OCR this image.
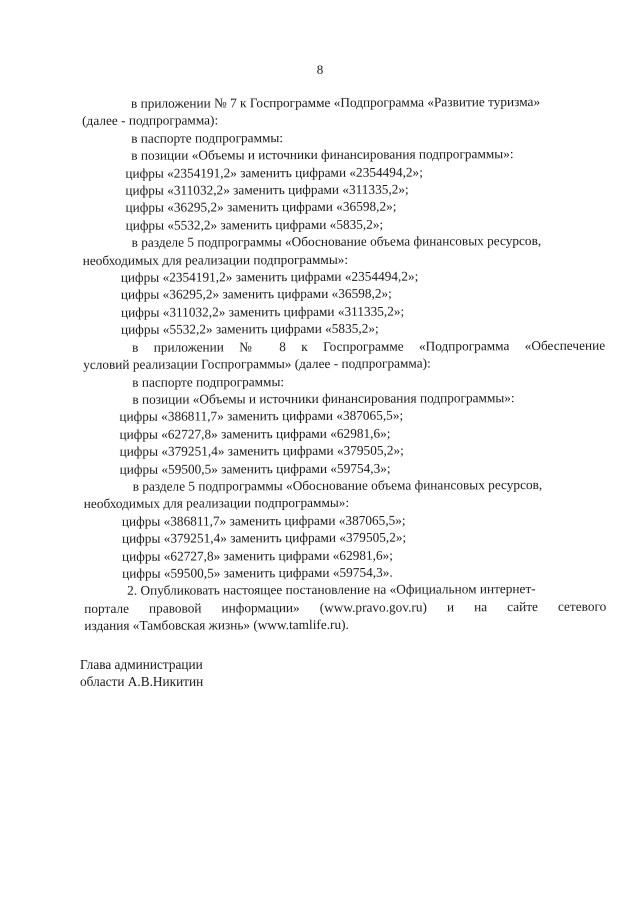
8
в приложении № 7 к Госпрограмме «Подпрограмма «Развитие туризма»
(далее - подпрограмма):
в паспорте подпрограммы:
в позиции «Объемы и источники финансирования подпрограммы»:
цифры «2354191,2» заменить цифрами «2354494,2»;
цифры «311032,2» заменить цифрами «311335,2»;
цифры «36295,2» заменить цифрами «36598,2»;
цифры «5532,2» заменить цифрами «5835,2»;
в разделе 5 подпрограммы «Обоснование объема финансовых ресурсов,
необходимых для реализации подпрограммы»:
цифры «2354191,2» заменить цифрами «2354494,2»;
цифры «36295,2» заменить цифрами «36598,2»;
цифры «311032,2» заменить цифрами «311335,2»;
цифры «5532,2» заменить цифрами «5835,2»;
в приложении № 8 к Госпрограмме «Подпрограмма «Обеспечение
условий реализации Госпрограммы» (далее - подпрограмма):
в паспорте подпрограммы:
в позиции «Объемы и источники финансирования подпрограммы»:
цифры «386811,7» заменить цифрами «387065,5»;
цифры «62727,8» заменить цифрами «62981,6»;
цифры «379251,4» заменить цифрами «379505,2»;
цифры «59500,5» заменить цифрами «59754,3»;
в разделе 5 подпрограммы «Обоснование объема финансовых ресурсов,
необходимых для реализации подпрограммы»:
цифры «386811,7» заменить цифрами «387065,5»;
цифры «379251,4» заменить цифрами «379505,2»;
цифры «62727,8» заменить цифрами «62981,6»;
цифры «59500,5» заменить цифрами «59754,3».
2. Опубликовать настоящее постановление на «Официальном интернет-
портале правовой информации» (www.pravo.gov.ru) и на сайте сетевого
издания «Тамбовская жизнь» (www.tamlife.ru).
Глава администрации
области А.В.Никитин
